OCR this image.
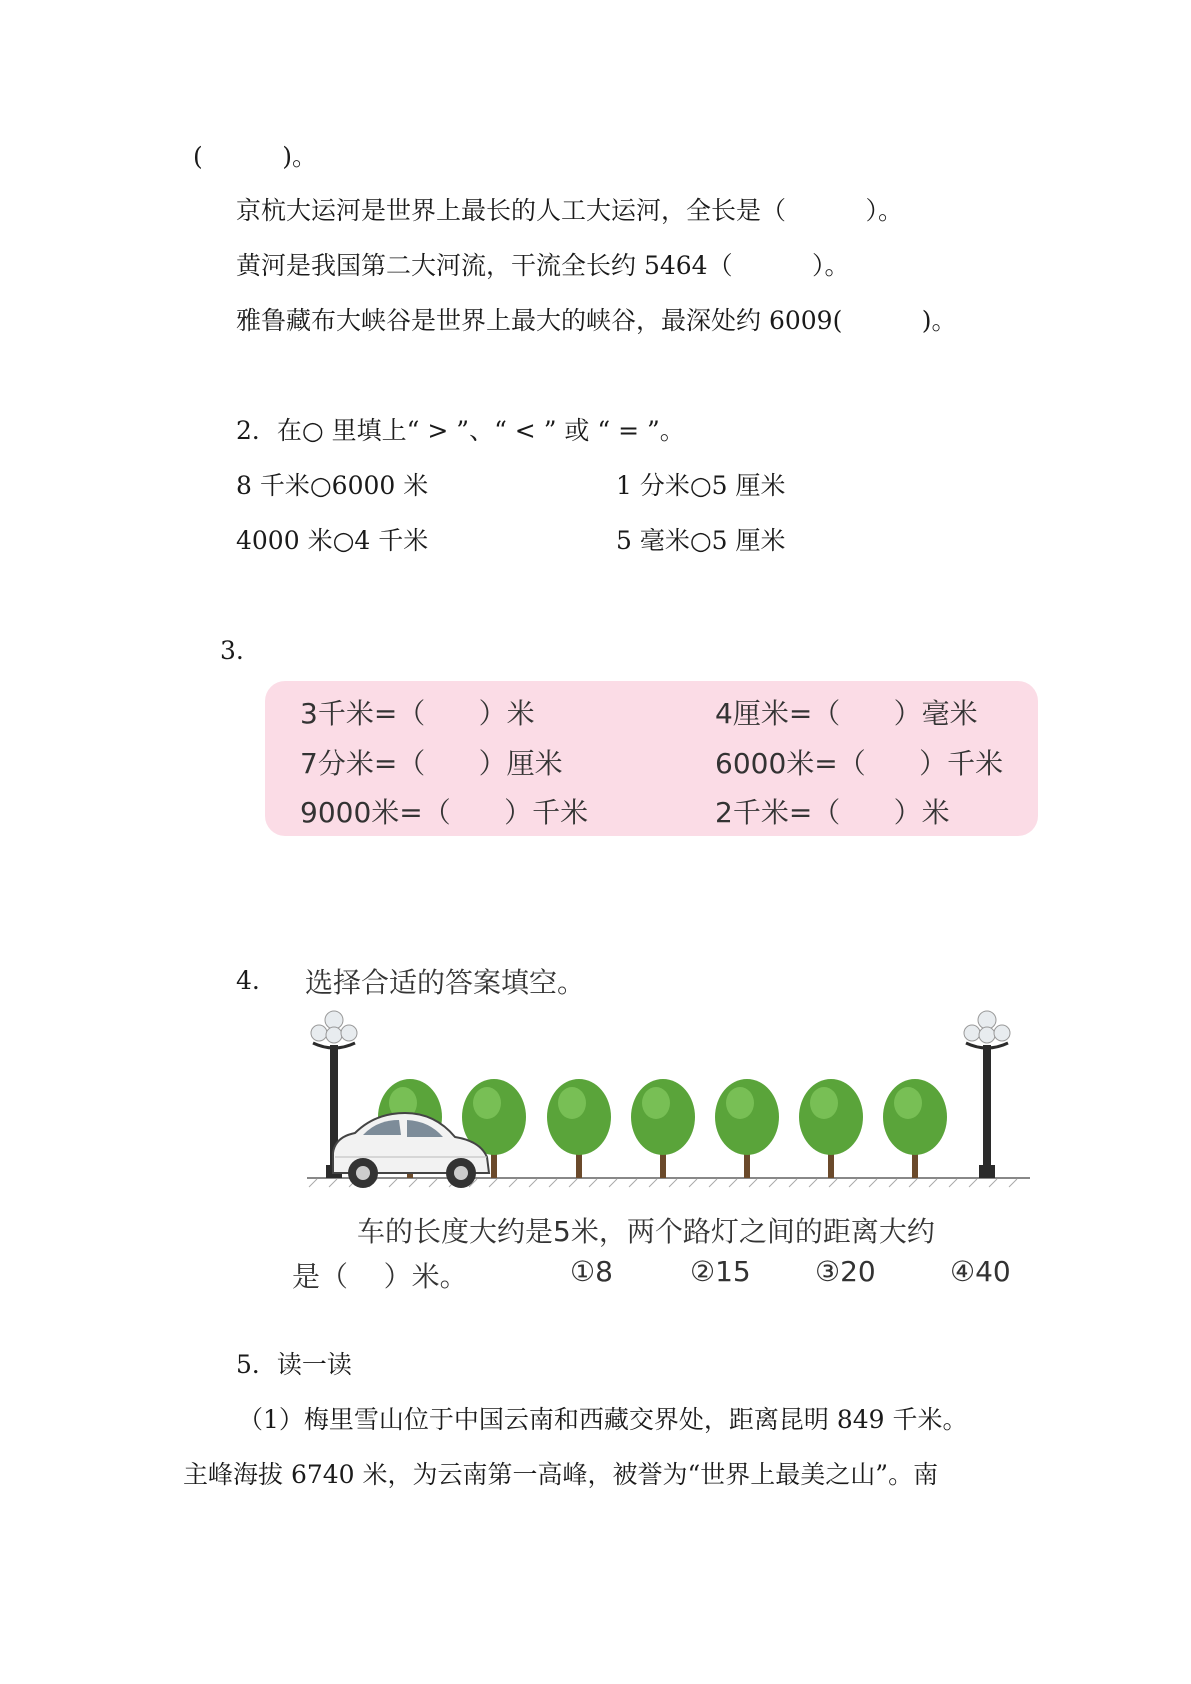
(          )。
京杭大运河是世界上最长的人工大运河，全长是（          ）。
黄河是我国第二大河流，干流全长约 5464（          ）。
雅鲁藏布大峡谷是世界上最大的峡谷，最深处约 6009(          )。
2．在○ 里填上“ > ”、“ < ” 或 “ = ”。
8 千米○6000 米	1 分米○5 厘米
4000 米○4 千米	5 毫米○5 厘米
3.
3千米=（      ）米	4厘米=（      ）毫米
7分米=（      ）厘米	6000米=（      ）千米
9000米=（      ）千米	2千米=（      ）米
4. 选择合适的答案填空。
车的长度大约是5米，两个路灯之间的距离大约
是（    ）米。	①8	②15 ③20	④40
5．读一读
（1）梅里雪山位于中国云南和西藏交界处，距离昆明 849 千米。
主峰海拔 6740 米，为云南第一高峰，被誉为“世界上最美之山”。南
